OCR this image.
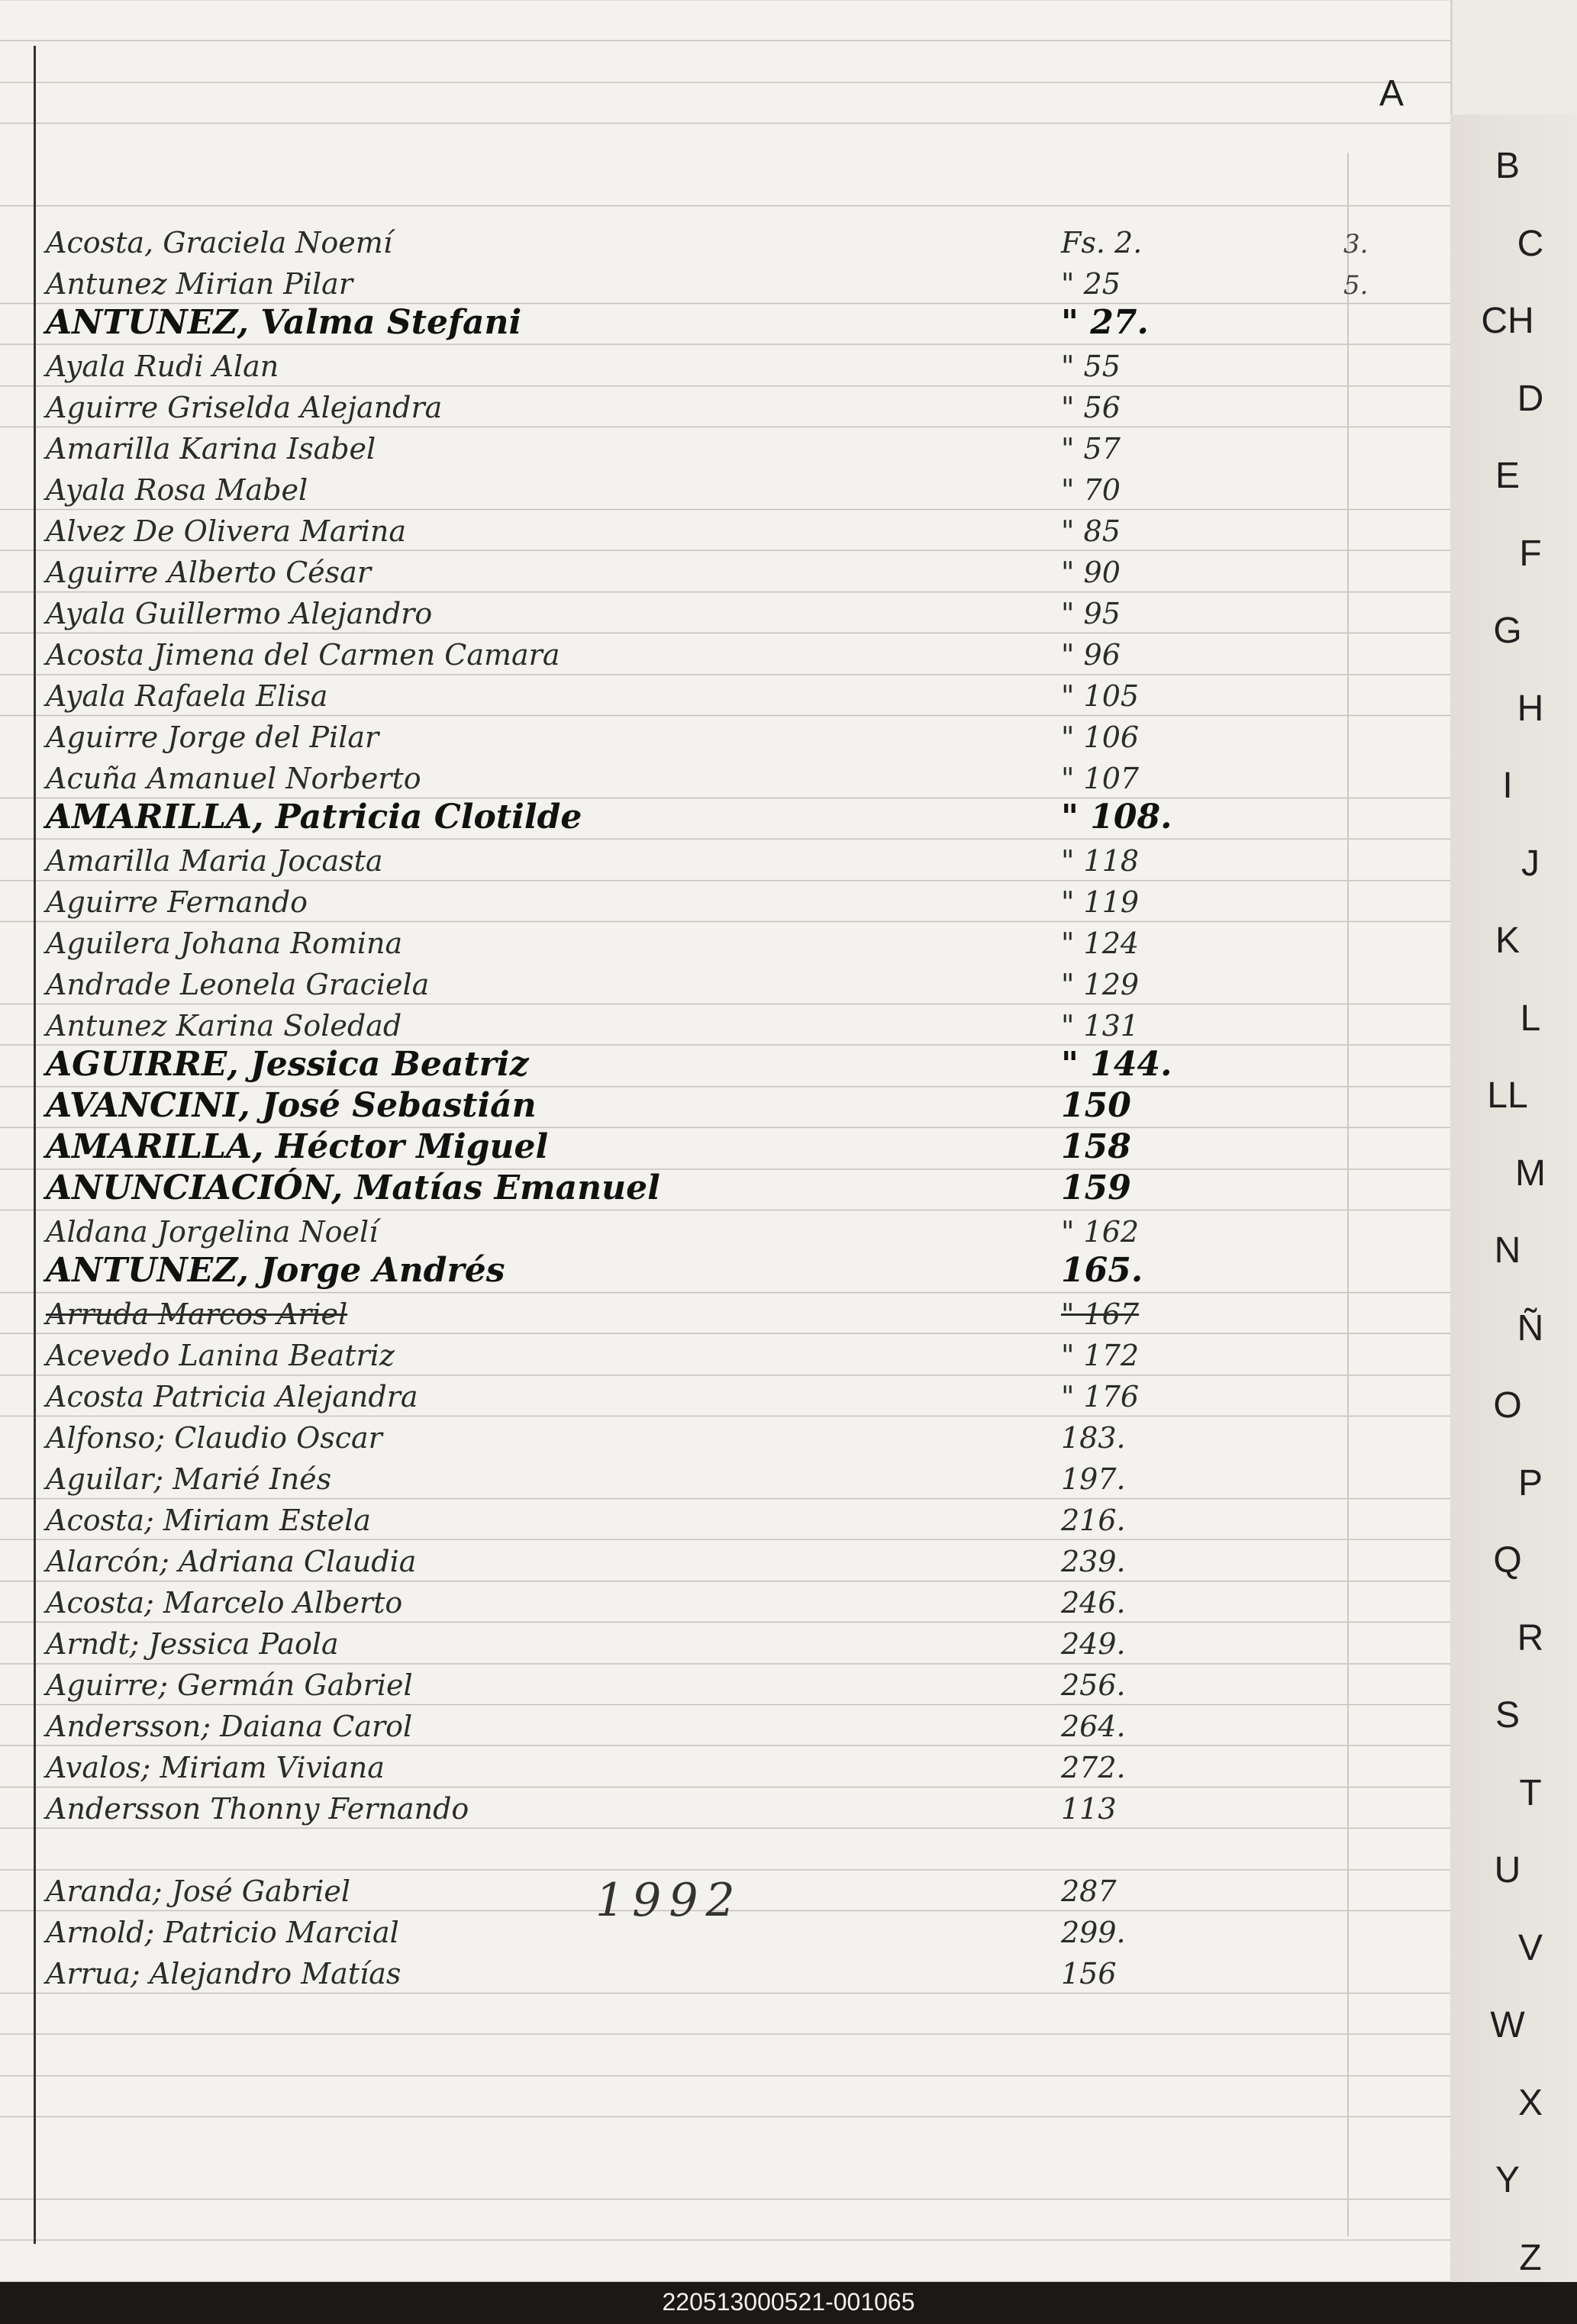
Acosta, Graciela Noemí	Fs. 2.	3.
Antunez Mirian Pilar	" 25	5.
ANTUNEZ, Valma Stefani	" 27.
Ayala Rudi Alan	" 55
Aguirre Griselda Alejandra	" 56
Amarilla Karina Isabel	" 57
Ayala Rosa Mabel	" 70
Alvez De Olivera Marina	" 85
Aguirre Alberto César	" 90
Ayala Guillermo Alejandro	" 95
Acosta Jimena del Carmen Camara	" 96
Ayala Rafaela Elisa	" 105
Aguirre Jorge del Pilar	" 106
Acuña Amanuel Norberto	" 107
AMARILLA, Patricia Clotilde	" 108.
Amarilla Maria Jocasta	" 118
Aguirre Fernando	" 119
Aguilera Johana Romina	" 124
Andrade Leonela Graciela	" 129
Antunez Karina Soledad	" 131
AGUIRRE, Jessica Beatriz	" 144.
AVANCINI, José Sebastián	150
AMARILLA, Héctor Miguel	158
ANUNCIACIÓN, Matías Emanuel	159
Aldana Jorgelina Noelí	" 162
ANTUNEZ, Jorge Andrés	165.
Arruda Marcos Ariel	" 167
Acevedo Lanina Beatriz	" 172
Acosta Patricia Alejandra	" 176
Alfonso; Claudio Oscar	183.
Aguilar; Marié Inés	197.
Acosta; Miriam Estela	216.
Alarcón; Adriana Claudia	239.
Acosta; Marcelo Alberto	246.
Arndt; Jessica Paola	249.
Aguirre; Germán Gabriel	256.
Andersson; Daiana Carol	264.
Avalos; Miriam Viviana	272.
Andersson Thonny Fernando	113
Aranda; José Gabriel	287
Arnold; Patricio Marcial	299.
Arrua; Alejandro Matías	156
1992
A
B
C
CH
D
E
F
G
H
I
J
K
L
LL
M
N
Ñ
O
P
Q
R
S
T
U
V
W
X
Y
Z
220513000521-001065
